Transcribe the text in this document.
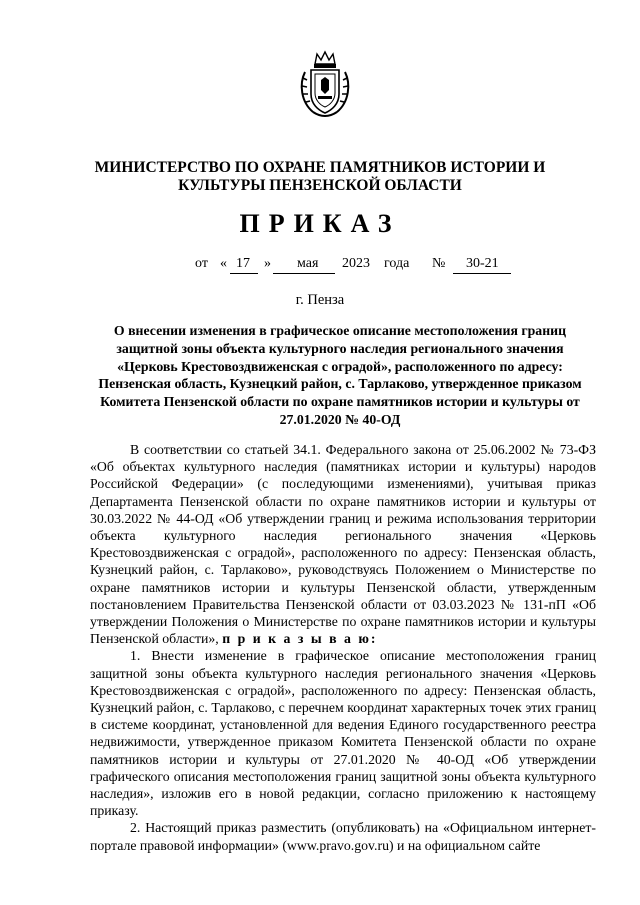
МИНИСТЕРСТВО ПО ОХРАНЕ ПАМЯТНИКОВ ИСТОРИИ И
КУЛЬТУРЫ ПЕНЗЕНСКОЙ ОБЛАСТИ
ПРИКАЗ
от « 17 » мая 2023 года № 30-21
г. Пенза
О внесении изменения в графическое описание местоположения границ
защитной зоны объекта культурного наследия регионального значения
«Церковь Крестовоздвиженская с оградой», расположенного по адресу:
Пензенская область, Кузнецкий район, с. Тарлаково, утвержденное приказом
Комитета Пензенской области по охране памятников истории и культуры от
27.01.2020 № 40-ОД

В соответствии со статьей 34.1. Федерального закона от 25.06.2002 № 73-ФЗ «Об объектах культурного наследия (памятниках истории и культуры) народов Российской Федерации» (с последующими изменениями), учитывая приказ Департамента Пензенской области по охране памятников истории и культуры от 30.03.2022 № 44-ОД «Об утверждении границ и режима использования территории объекта культурного наследия регионального значения «Церковь Крестовоздвиженская с оградой», расположенного по адресу: Пензенская область, Кузнецкий район, с. Тарлаково», руководствуясь Положением о Министерстве по охране памятников истории и культуры Пензенской области, утвержденным постановлением Правительства Пензенской области от 03.03.2023 № 131-пП «Об утверждении Положения о Министерстве по охране памятников истории и культуры Пензенской области», п р и к а з ы в а ю:

1. Внести изменение в графическое описание местоположения границ защитной зоны объекта культурного наследия регионального значения «Церковь Крестовоздвиженская с оградой», расположенного по адресу: Пензенская область, Кузнецкий район, с. Тарлаково, с перечнем координат характерных точек этих границ в системе координат, установленной для ведения Единого государственного реестра недвижимости, утвержденное приказом Комитета Пензенской области по охране памятников истории и культуры от 27.01.2020 № 40-ОД «Об утверждении графического описания местоположения границ защитной зоны объекта культурного наследия», изложив его в новой редакции, согласно приложению к настоящему приказу.

2. Настоящий приказ разместить (опубликовать) на «Официальном интернет-портале правовой информации» (www.pravo.gov.ru) и на официальном сайте
